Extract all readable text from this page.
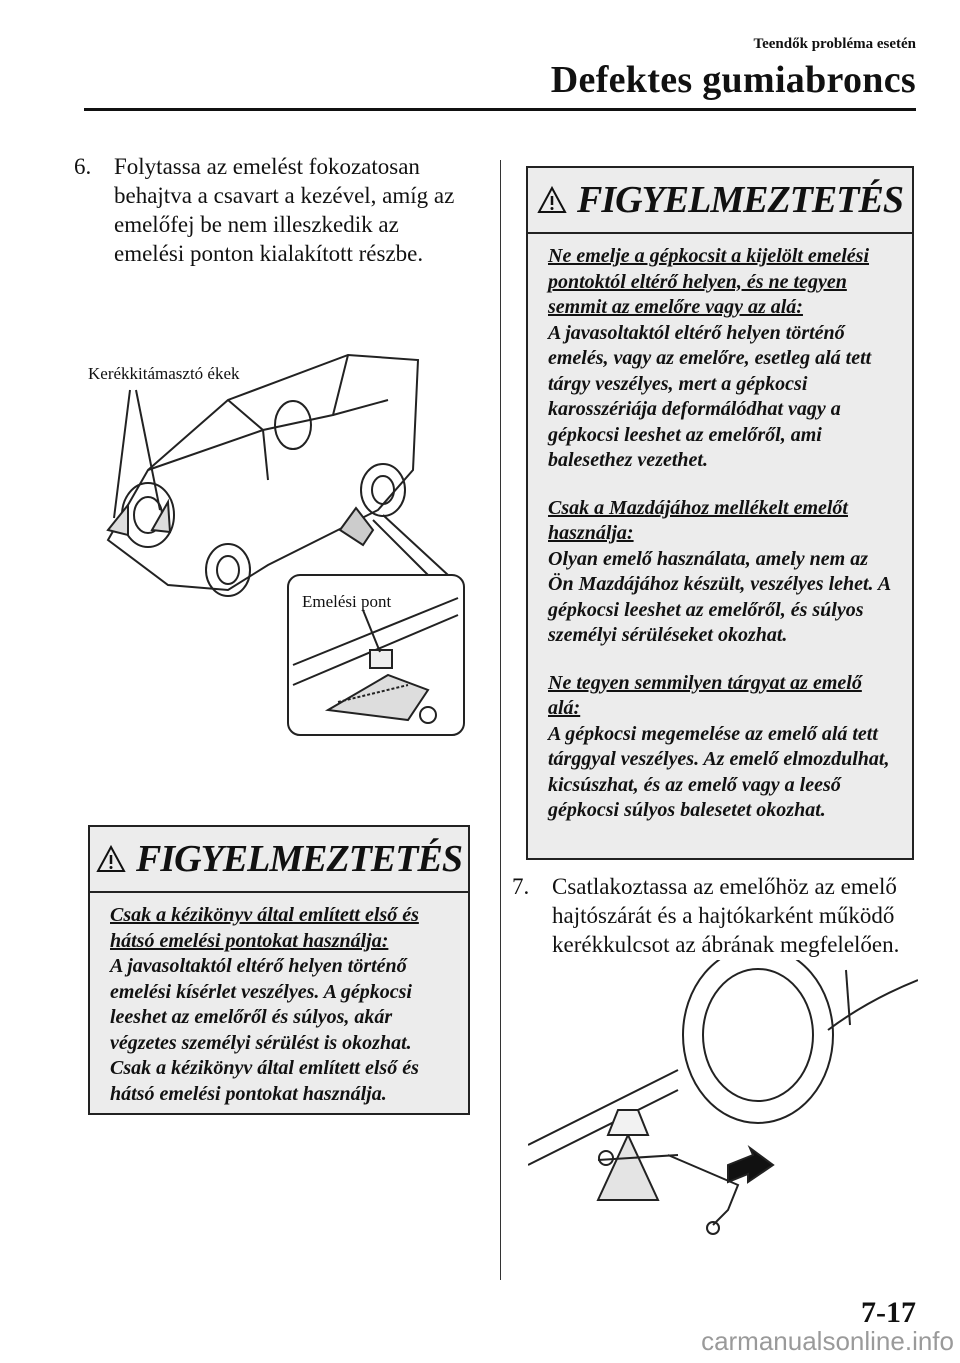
Teendők probléma esetén
Defektes gumiabroncs
6. Folytassa az emelést fokozatosan behajtva a csavart a kezével, amíg az emelőfej be nem illeszkedik az emelési ponton kialakított részbe.
Kerékkitámasztó ékek
Emelési pont
FIGYELMEZTETÉS
Csak a kézikönyv által említett első és hátsó emelési pontokat használja:
A javasoltaktól eltérő helyen történő emelési kísérlet veszélyes. A gépkocsi leeshet az emelőről és súlyos, akár végzetes személyi sérülést is okozhat. Csak a kézikönyv által említett első és hátsó emelési pontokat használja.
FIGYELMEZTETÉS
Ne emelje a gépkocsit a kijelölt emelési pontoktól eltérő helyen, és ne tegyen semmit az emelőre vagy az alá:
A javasoltaktól eltérő helyen történő emelés, vagy az emelőre, esetleg alá tett tárgy veszélyes, mert a gépkocsi karosszériája deformálódhat vagy a gépkocsi leeshet az emelőről, ami balesethez vezethet.
Csak a Mazdájához mellékelt emelőt használja:
Olyan emelő használata, amely nem az Ön Mazdájához készült, veszélyes lehet. A gépkocsi leeshet az emelőről, és súlyos személyi sérüléseket okozhat.
Ne tegyen semmilyen tárgyat az emelő alá:
A gépkocsi megemelése az emelő alá tett tárggyal veszélyes. Az emelő elmozdulhat, kicsúszhat, és az emelő vagy a leeső gépkocsi súlyos balesetet okozhat.
7. Csatlakoztassa az emelőhöz az emelő hajtószárát és a hajtókarként működő kerékkulcsot az ábrának megfelelően.
7-17
carmanualsonline.info
